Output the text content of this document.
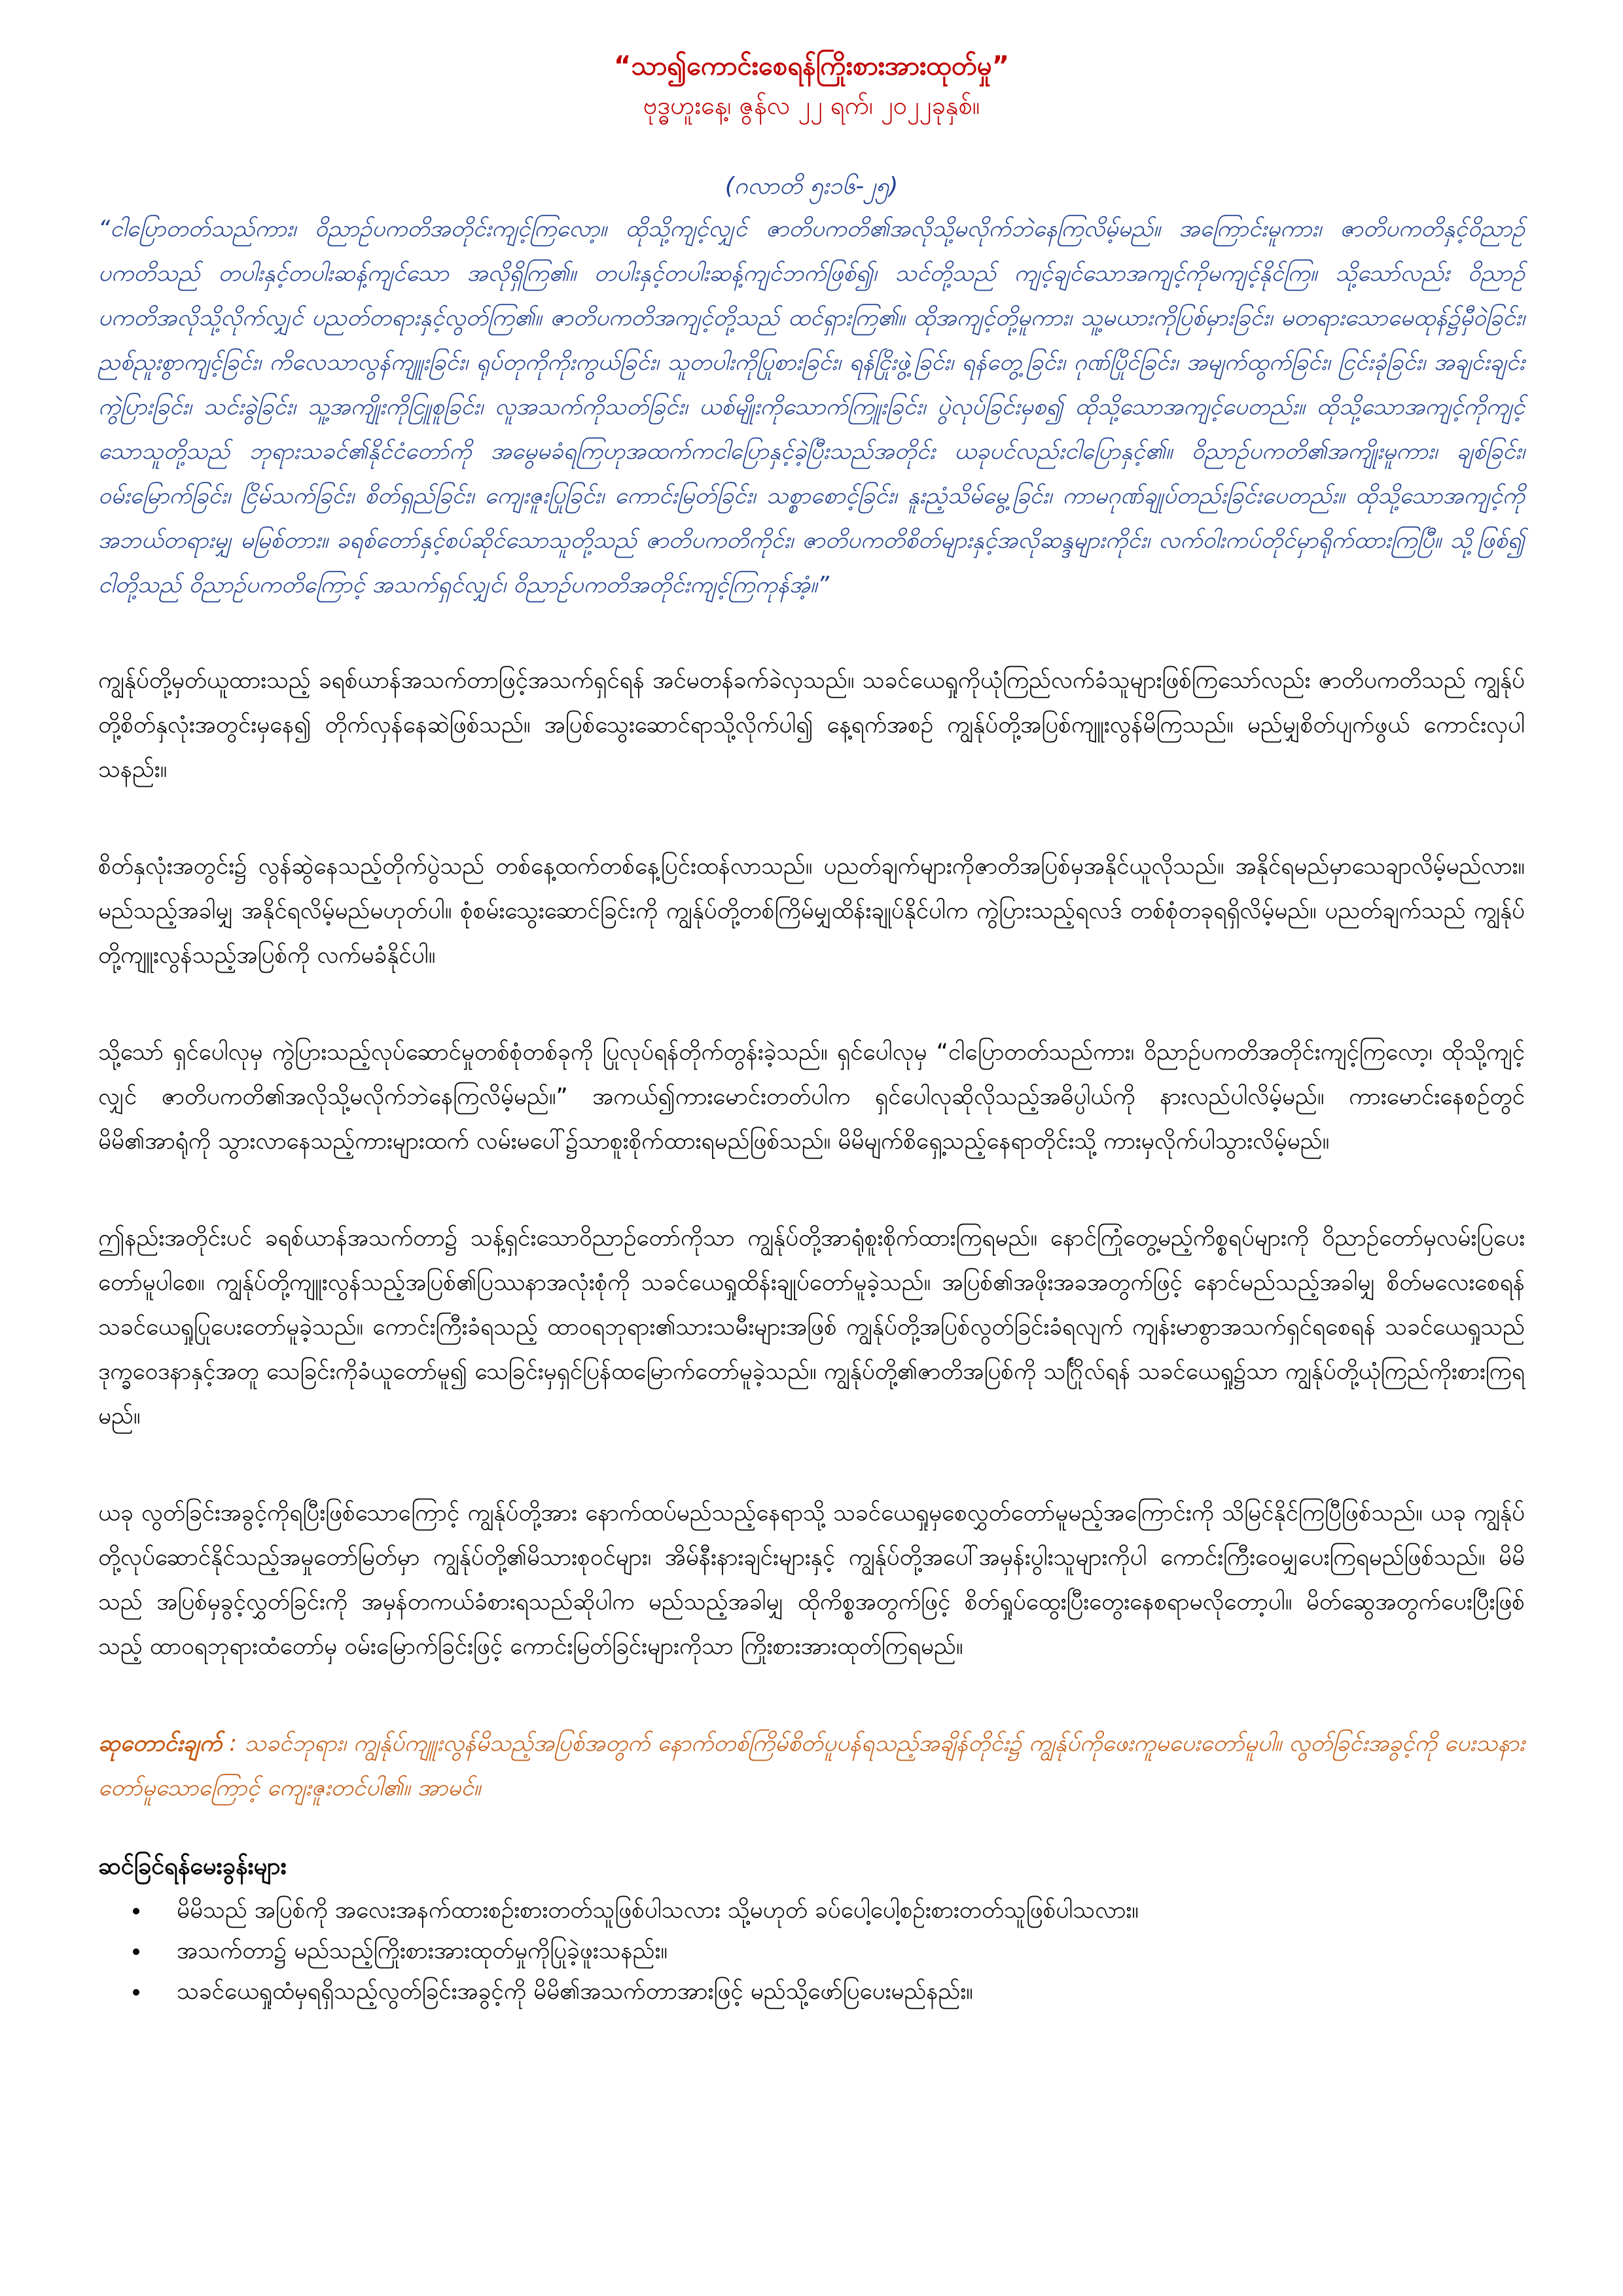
“သာ၍ကောင်းစေရန်ကြိုးစားအားထုတ်မှု”

ဗုဒ္ဓဟူးနေ့၊ ဇွန်လ ၂၂ ရက်၊ ၂၀၂၂ခုနှစ်။

(ဂလာတိ ၅း၁၆-၂၅)

“ငါပြောတတ်သည်ကား၊ ဝိညာဉ်ပကတိအတိုင်းကျင့်ကြလော့။ ထိုသို့ကျင့်လျှင် ဇာတိပကတိ၏အလိုသို့မလိုက်ဘဲနေကြလိမ့်မည်။ အကြောင်းမူကား၊ ဇာတိပကတိနှင့်ဝိညာဉ်ပကတိသည် တပါးနှင့်တပါးဆန့်ကျင်သော အလိုရှိကြ၏။ တပါးနှင့်တပါးဆန့်ကျင်ဘက်ဖြစ်၍၊ သင်တို့သည် ကျင့်ချင်သောအကျင့်ကိုမကျင့်နိုင်ကြ။ သို့သော်လည်း ဝိညာဉ်ပကတိအလိုသို့လိုက်လျှင် ပညတ်တရားနှင့်လွတ်ကြ၏။ ဇာတိပကတိအကျင့်တို့သည် ထင်ရှားကြ၏။ ထိုအကျင့်တို့မူကား၊ သူ့မယားကိုပြစ်မှားခြင်း၊ မတရားသောမေထုန်၌မှီဝဲခြင်း၊ ညစ်ညူးစွာကျင့်ခြင်း၊ ကိလေသာလွန်ကျူးခြင်း၊ ရုပ်တုကိုကိုးကွယ်ခြင်း၊ သူတပါးကိုပြုစားခြင်း၊ ရန်ငြိုးဖွဲ့ခြင်း၊ ရန်တွေ့ခြင်း၊ ဂုဏ်ပြိုင်ခြင်း၊ အမျက်ထွက်ခြင်း၊ ငြင်းခုံခြင်း၊ အချင်းချင်းကွဲပြားခြင်း၊ သင်းခွဲခြင်း၊ သူ့အကျိုးကိုငြူစူခြင်း၊ လူအသက်ကိုသတ်ခြင်း၊ ယစ်မျိုးကိုသောက်ကြူးခြင်း၊ ပွဲလုပ်ခြင်းမှစ၍ ထိုသို့သောအကျင့်ပေတည်း။ ထိုသို့သောအကျင့်ကိုကျင့်သောသူတို့သည် ဘုရားသခင်၏နိုင်ငံတော်ကို အမွေမခံရကြဟုအထက်ကငါပြောနှင့်ခဲ့ပြီးသည်အတိုင်း ယခုပင်လည်းငါပြောနှင့်၏။ ဝိညာဉ်ပကတိ၏အကျိုးမူကား၊ ချစ်ခြင်း၊ ဝမ်းမြောက်ခြင်း၊ ငြိမ်သက်ခြင်း၊ စိတ်ရှည်ခြင်း၊ ကျေးဇူးပြုခြင်း၊ ကောင်းမြတ်ခြင်း၊ သစ္စာစောင့်ခြင်း၊ နူးညံ့သိမ်မွေ့ခြင်း၊ ကာမဂုဏ်ချုပ်တည်းခြင်းပေတည်း။ ထိုသို့သောအကျင့်ကို အဘယ်တရားမျှ မမြစ်တား။ ခရစ်တော်နှင့်စပ်ဆိုင်သောသူတို့သည် ဇာတိပကတိကိုင်း၊ ဇာတိပကတိစိတ်များနှင့်အလိုဆန္ဒများကိုင်း၊ လက်ဝါးကပ်တိုင်မှာရိုက်ထားကြပြီ။ သို့ဖြစ်၍ ငါတို့သည် ဝိညာဉ်ပကတိကြောင့် အသက်ရှင်လျှင်၊ ဝိညာဉ်ပကတိအတိုင်းကျင့်ကြကုန်အံ့။”

ကျွန်ုပ်တို့မှတ်ယူထားသည့် ခရစ်ယာန်အသက်တာဖြင့်အသက်ရှင်ရန် အင်မတန်ခက်ခဲလှသည်။ သခင်ယေရှုကိုယုံကြည်လက်ခံသူများဖြစ်ကြသော်လည်း ဇာတိပကတိသည် ကျွန်ုပ်တို့စိတ်နှလုံးအတွင်းမှနေ၍ တိုက်လှန်နေဆဲဖြစ်သည်။ အပြစ်သွေးဆောင်ရာသို့လိုက်ပါ၍ နေ့ရက်အစဉ် ကျွန်ုပ်တို့အပြစ်ကျူးလွန်မိကြသည်။ မည်မျှစိတ်ပျက်ဖွယ် ကောင်းလှပါသနည်း။

စိတ်နှလုံးအတွင်း၌ လွန်ဆွဲနေသည့်တိုက်ပွဲသည် တစ်နေ့ထက်တစ်နေ့ပြင်းထန်လာသည်။ ပညတ်ချက်များကိုဇာတိအပြစ်မှအနိုင်ယူလိုသည်။ အနိုင်ရမည်မှာသေချာလိမ့်မည်လား။ မည်သည့်အခါမျှ အနိုင်ရလိမ့်မည်မဟုတ်ပါ။ စုံစမ်းသွေးဆောင်ခြင်းကို ကျွန်ုပ်တို့တစ်ကြိမ်မျှထိန်းချုပ်နိုင်ပါက ကွဲပြားသည့်ရလဒ် တစ်စုံတခုရရှိလိမ့်မည်။ ပညတ်ချက်သည် ကျွန်ုပ်တို့ကျူးလွန်သည့်အပြစ်ကို လက်မခံနိုင်ပါ။

သို့သော် ရှင်ပေါလုမှ ကွဲပြားသည့်လုပ်ဆောင်မှုတစ်စုံတစ်ခုကို ပြုလုပ်ရန်တိုက်တွန်းခဲ့သည်။ ရှင်ပေါလုမှ “ငါပြောတတ်သည်ကား၊ ဝိညာဉ်ပကတိအတိုင်းကျင့်ကြလော့၊ ထိုသို့ကျင့်လျှင် ဇာတိပကတိ၏အလိုသို့မလိုက်ဘဲနေကြလိမ့်မည်။” အကယ်၍ကားမောင်းတတ်ပါက ရှင်ပေါလုဆိုလိုသည့်အဓိပ္ပါယ်ကို နားလည်ပါလိမ့်မည်။ ကားမောင်းနေစဉ်တွင် မိမိ၏အာရုံကို သွားလာနေသည့်ကားများထက် လမ်းမပေါ်၌သာစူးစိုက်ထားရမည်ဖြစ်သည်။ မိမိမျက်စိရှေ့သည့်နေရာတိုင်းသို့ ကားမှလိုက်ပါသွားလိမ့်မည်။

ဤနည်းအတိုင်းပင် ခရစ်ယာန်အသက်တာ၌ သန့်ရှင်းသောဝိညာဉ်တော်ကိုသာ ကျွန်ုပ်တို့အာရုံစူးစိုက်ထားကြရမည်။ နောင်ကြုံတွေ့မည့်ကိစ္စရပ်များကို ဝိညာဉ်တော်မှလမ်းပြပေးတော်မူပါစေ။ ကျွန်ုပ်တို့ကျူးလွန်သည့်အပြစ်၏ပြဿနာအလုံးစုံကို သခင်ယေရှုထိန်းချုပ်တော်မူခဲ့သည်။ အပြစ်၏အဖိုးအခအတွက်ဖြင့် နောင်မည်သည့်အခါမျှ စိတ်မလေးစေရန် သခင်ယေရှုပြုပေးတော်မူခဲ့သည်။ ကောင်းကြီးခံရသည့် ထာဝရဘုရား၏သားသမီးများအဖြစ် ကျွန်ုပ်တို့အပြစ်လွတ်ခြင်းခံရလျက် ကျန်းမာစွာအသက်ရှင်ရစေရန် သခင်ယေရှုသည် ဒုက္ခဝေဒနာနှင့်အတူ သေခြင်းကိုခံယူတော်မူ၍ သေခြင်းမှရှင်ပြန်ထမြောက်တော်မူခဲ့သည်။ ကျွန်ုပ်တို့၏ဇာတိအပြစ်ကို သင်္ဂြိုလ်ရန် သခင်ယေရှု၌သာ ကျွန်ုပ်တို့ယုံကြည်ကိုးစားကြရမည်။

ယခု လွတ်ခြင်းအခွင့်ကိုရပြီးဖြစ်သောကြောင့် ကျွန်ုပ်တို့အား နောက်ထပ်မည်သည့်နေရာသို့ သခင်ယေရှုမှစေလွှတ်တော်မူမည့်အကြောင်းကို သိမြင်နိုင်ကြပြီဖြစ်သည်။ ယခု ကျွန်ုပ်တို့လုပ်ဆောင်နိုင်သည့်အမှုတော်မြတ်မှာ ကျွန်ုပ်တို့၏မိသားစုဝင်များ၊ အိမ်နီးနားချင်းများနှင့် ကျွန်ုပ်တို့အပေါ်အမှန်းပွါးသူများကိုပါ ကောင်းကြီးဝေမျှပေးကြရမည်ဖြစ်သည်။ မိမိသည် အပြစ်မှခွင့်လွှတ်ခြင်းကို အမှန်တကယ်ခံစားရသည်ဆိုပါက မည်သည့်အခါမျှ ထိုကိစ္စအတွက်ဖြင့် စိတ်ရှုပ်ထွေးပြီးတွေးနေစရာမလိုတော့ပါ။ မိတ်ဆွေအတွက်ပေးပြီးဖြစ်သည့် ထာဝရဘုရားထံတော်မှ ဝမ်းမြောက်ခြင်းဖြင့် ကောင်းမြတ်ခြင်းများကိုသာ ကြိုးစားအားထုတ်ကြရမည်။

ဆုတောင်းချက် : သခင်ဘုရား၊ ကျွန်ုပ်ကျူးလွန်မိသည့်အပြစ်အတွက် နောက်တစ်ကြိမ်စိတ်ပူပန်ရသည့်အချိန်တိုင်း၌ ကျွန်ုပ်ကိုဖေးကူမပေးတော်မူပါ။ လွတ်ခြင်းအခွင့်ကို ပေးသနားတော်မူသောကြောင့် ကျေးဇူးတင်ပါ၏။ အာမင်။

ဆင်ခြင်ရန်မေးခွန်းများ

• မိမိသည် အပြစ်ကို အလေးအနက်ထားစဉ်းစားတတ်သူဖြစ်ပါသလား သို့မဟုတ် ခပ်ပေါ့ပေါ့စဉ်းစားတတ်သူဖြစ်ပါသလား။
• အသက်တာ၌ မည်သည့်ကြိုးစားအားထုတ်မှုကိုပြုခဲ့ဖူးသနည်း။
• သခင်ယေရှုထံမှရရှိသည့်လွတ်ခြင်းအခွင့်ကို မိမိ၏အသက်တာအားဖြင့် မည်သို့ဖော်ပြပေးမည်နည်း။
